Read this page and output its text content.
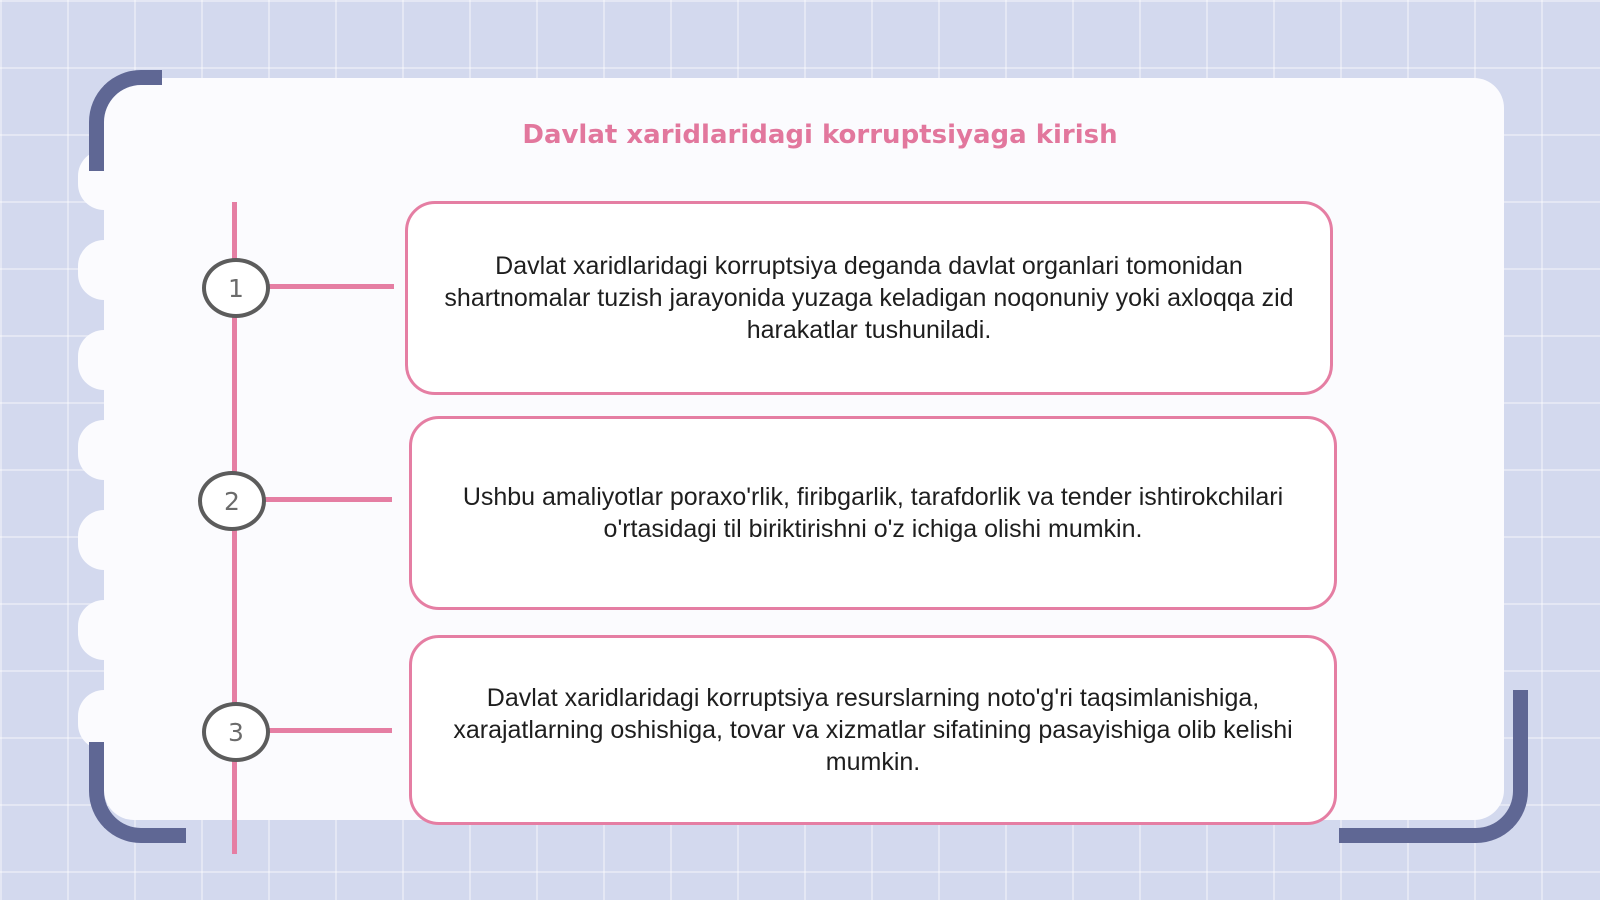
Davlat xaridlaridagi korruptsiyaga kirish
1
Davlat xaridlaridagi korruptsiya deganda davlat organlari tomonidan shartnomalar tuzish jarayonida yuzaga keladigan noqonuniy yoki axloqqa zid harakatlar tushuniladi.
2	Ushbu amaliyotlar poraxo'rlik, firibgarlik, tarafdorlik va tender ishtirokchilari o'rtasidagi til biriktirishni o'z ichiga olishi mumkin.
3
Davlat xaridlaridagi korruptsiya resurslarning noto'g'ri taqsimlanishiga, xarajatlarning oshishiga, tovar va xizmatlar sifatining pasayishiga olib kelishi mumkin.
